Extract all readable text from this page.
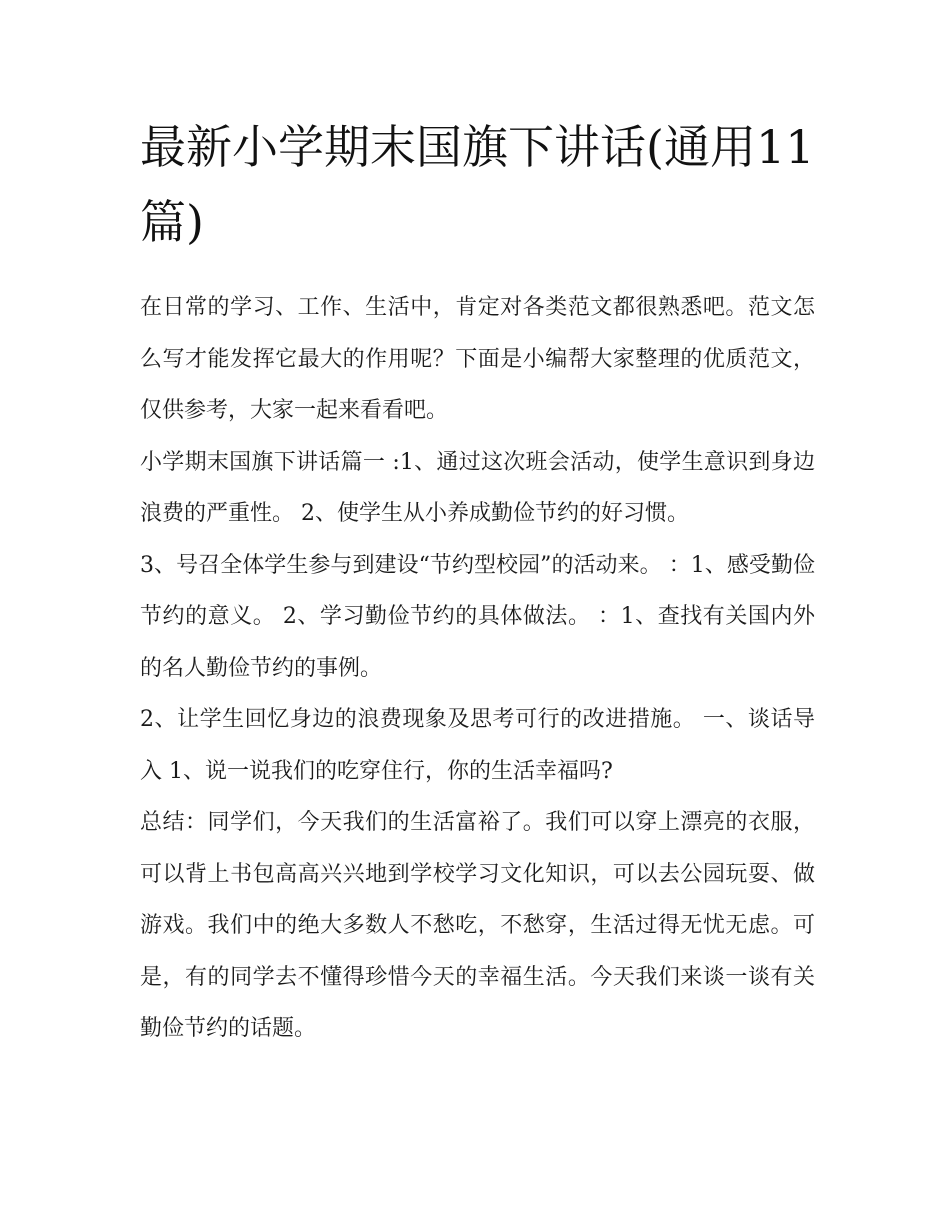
最新小学期末国旗下讲话(通用11篇)

在日常的学习、工作、生活中，肯定对各类范文都很熟悉吧。范文怎么写才能发挥它最大的作用呢？下面是小编帮大家整理的优质范文，仅供参考，大家一起来看看吧。

小学期末国旗下讲话篇一 :1、通过这次班会活动，使学生意识到身边浪费的严重性。 2、使学生从小养成勤俭节约的好习惯。

3、号召全体学生参与到建设“节约型校园”的活动来。 ：1、感受勤俭节约的意义。 2、学习勤俭节约的具体做法。 ：1、查找有关国内外的名人勤俭节约的事例。

2、让学生回忆身边的浪费现象及思考可行的改进措施。 一、谈话导入 1、说一说我们的吃穿住行，你的生活幸福吗?

总结：同学们，今天我们的生活富裕了。我们可以穿上漂亮的衣服，可以背上书包高高兴兴地到学校学习文化知识，可以去公园玩耍、做游戏。我们中的绝大多数人不愁吃，不愁穿，生活过得无忧无虑。可是，有的同学去不懂得珍惜今天的幸福生活。今天我们来谈一谈有关勤俭节约的话题。
